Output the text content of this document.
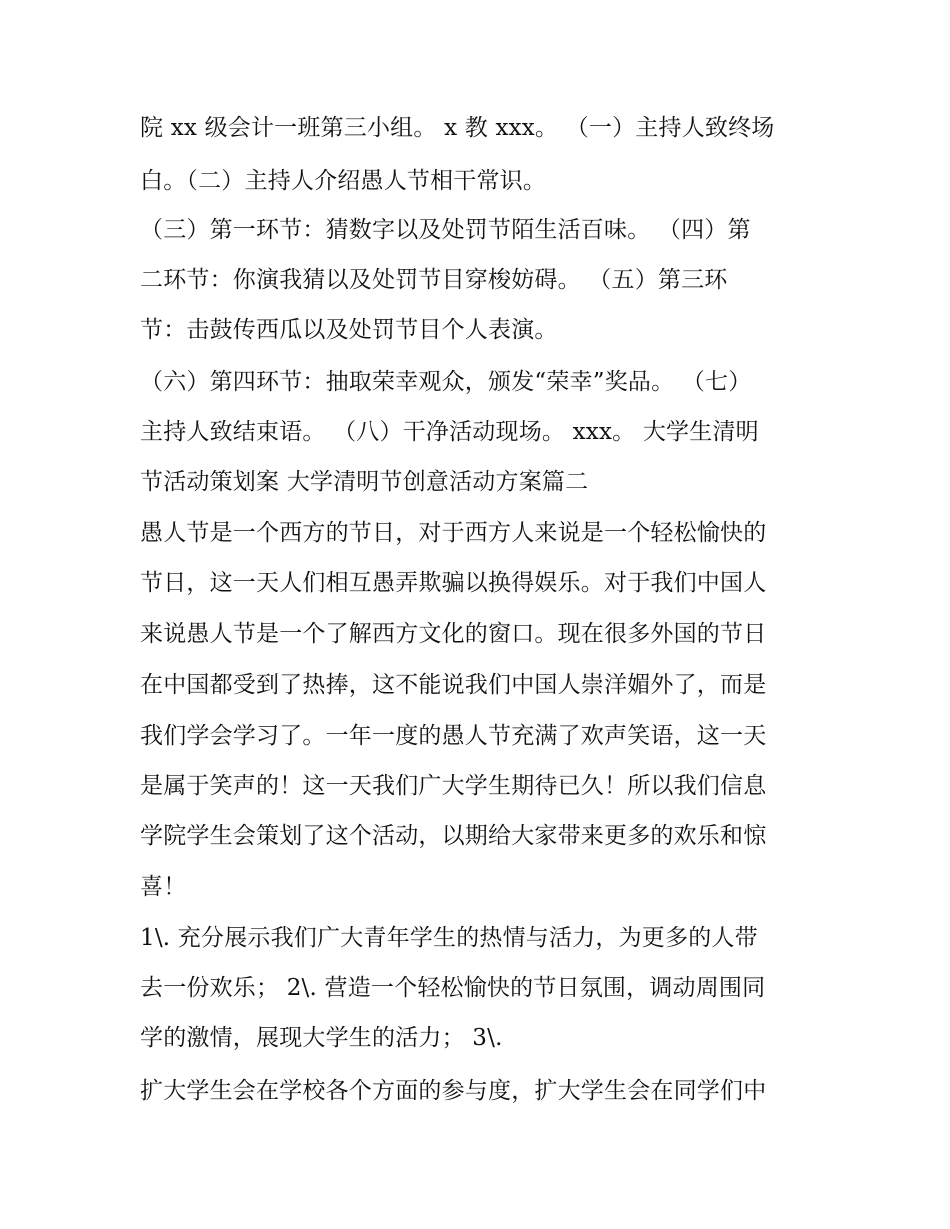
院 xx 级会计一班第三小组。 x 教 xxx。 （一）主持人致终场
白。（二）主持人介绍愚人节相干常识。
（三）第一环节：猜数字以及处罚节陌生活百味。 （四）第
二环节：你演我猜以及处罚节目穿梭妨碍。 （五）第三环
节：击鼓传西瓜以及处罚节目个人表演。
（六）第四环节：抽取荣幸观众，颁发“荣幸”奖品。 （七）
主持人致结束语。 （八）干净活动现场。 xxx。 大学生清明
节活动策划案 大学清明节创意活动方案篇二
愚人节是一个西方的节日，对于西方人来说是一个轻松愉快的
节日，这一天人们相互愚弄欺骗以换得娱乐。对于我们中国人
来说愚人节是一个了解西方文化的窗口。现在很多外国的节日
在中国都受到了热捧，这不能说我们中国人崇洋媚外了，而是
我们学会学习了。一年一度的愚人节充满了欢声笑语，这一天
是属于笑声的！这一天我们广大学生期待已久！所以我们信息
学院学生会策划了这个活动，以期给大家带来更多的欢乐和惊
喜！
1\. 充分展示我们广大青年学生的热情与活力，为更多的人带
去一份欢乐； 2\. 营造一个轻松愉快的节日氛围，调动周围同
学的激情，展现大学生的活力； 3\.
扩大学生会在学校各个方面的参与度，扩大学生会在同学们中
